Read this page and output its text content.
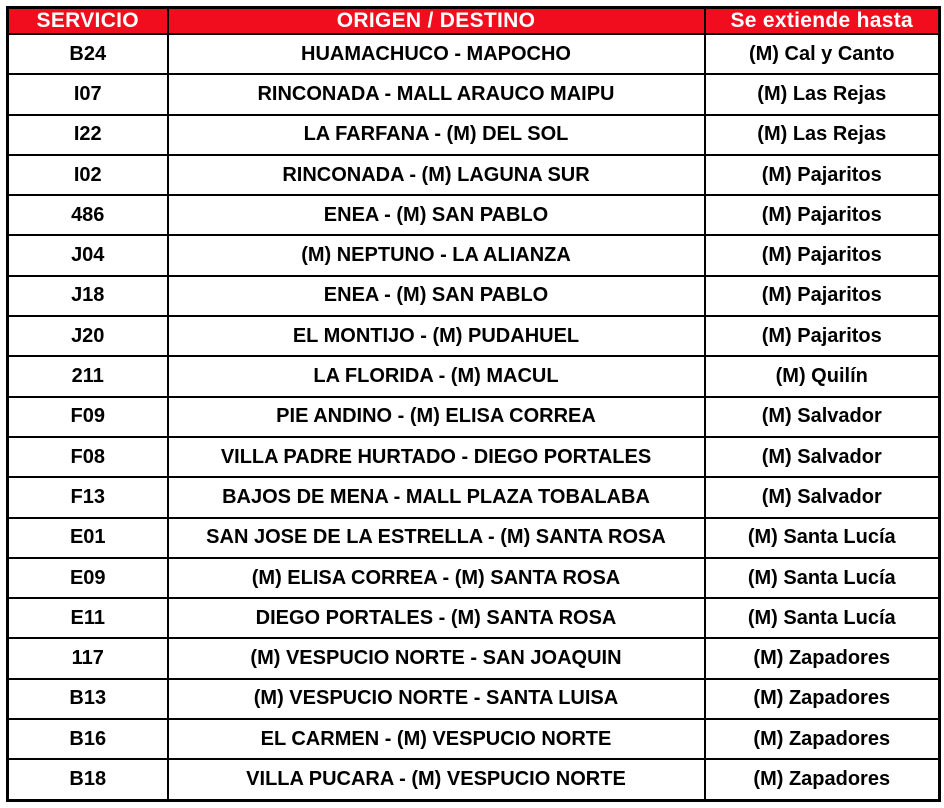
SERVICIO	ORIGEN / DESTINO	Se extiende hasta
B24	HUAMACHUCO - MAPOCHO	(M) Cal y Canto
I07	RINCONADA - MALL ARAUCO MAIPU	(M) Las Rejas
I22	LA FARFANA - (M) DEL SOL	(M) Las Rejas
I02	RINCONADA - (M) LAGUNA SUR	(M) Pajaritos
486	ENEA - (M) SAN PABLO	(M) Pajaritos
J04	(M) NEPTUNO - LA ALIANZA	(M) Pajaritos
J18	ENEA - (M) SAN PABLO	(M) Pajaritos
J20	EL MONTIJO - (M) PUDAHUEL	(M) Pajaritos
211	LA FLORIDA - (M) MACUL	(M) Quilín
F09	PIE ANDINO - (M) ELISA CORREA	(M) Salvador
F08	VILLA PADRE HURTADO - DIEGO PORTALES	(M) Salvador
F13	BAJOS DE MENA - MALL PLAZA TOBALABA	(M) Salvador
E01	SAN JOSE DE LA ESTRELLA - (M) SANTA ROSA	(M) Santa Lucía
E09	(M) ELISA CORREA - (M) SANTA ROSA	(M) Santa Lucía
E11	DIEGO PORTALES - (M) SANTA ROSA	(M) Santa Lucía
117	(M) VESPUCIO NORTE - SAN JOAQUIN	(M) Zapadores
B13	(M) VESPUCIO NORTE - SANTA LUISA	(M) Zapadores
B16	EL CARMEN - (M) VESPUCIO NORTE	(M) Zapadores
B18	VILLA PUCARA - (M) VESPUCIO NORTE	(M) Zapadores
